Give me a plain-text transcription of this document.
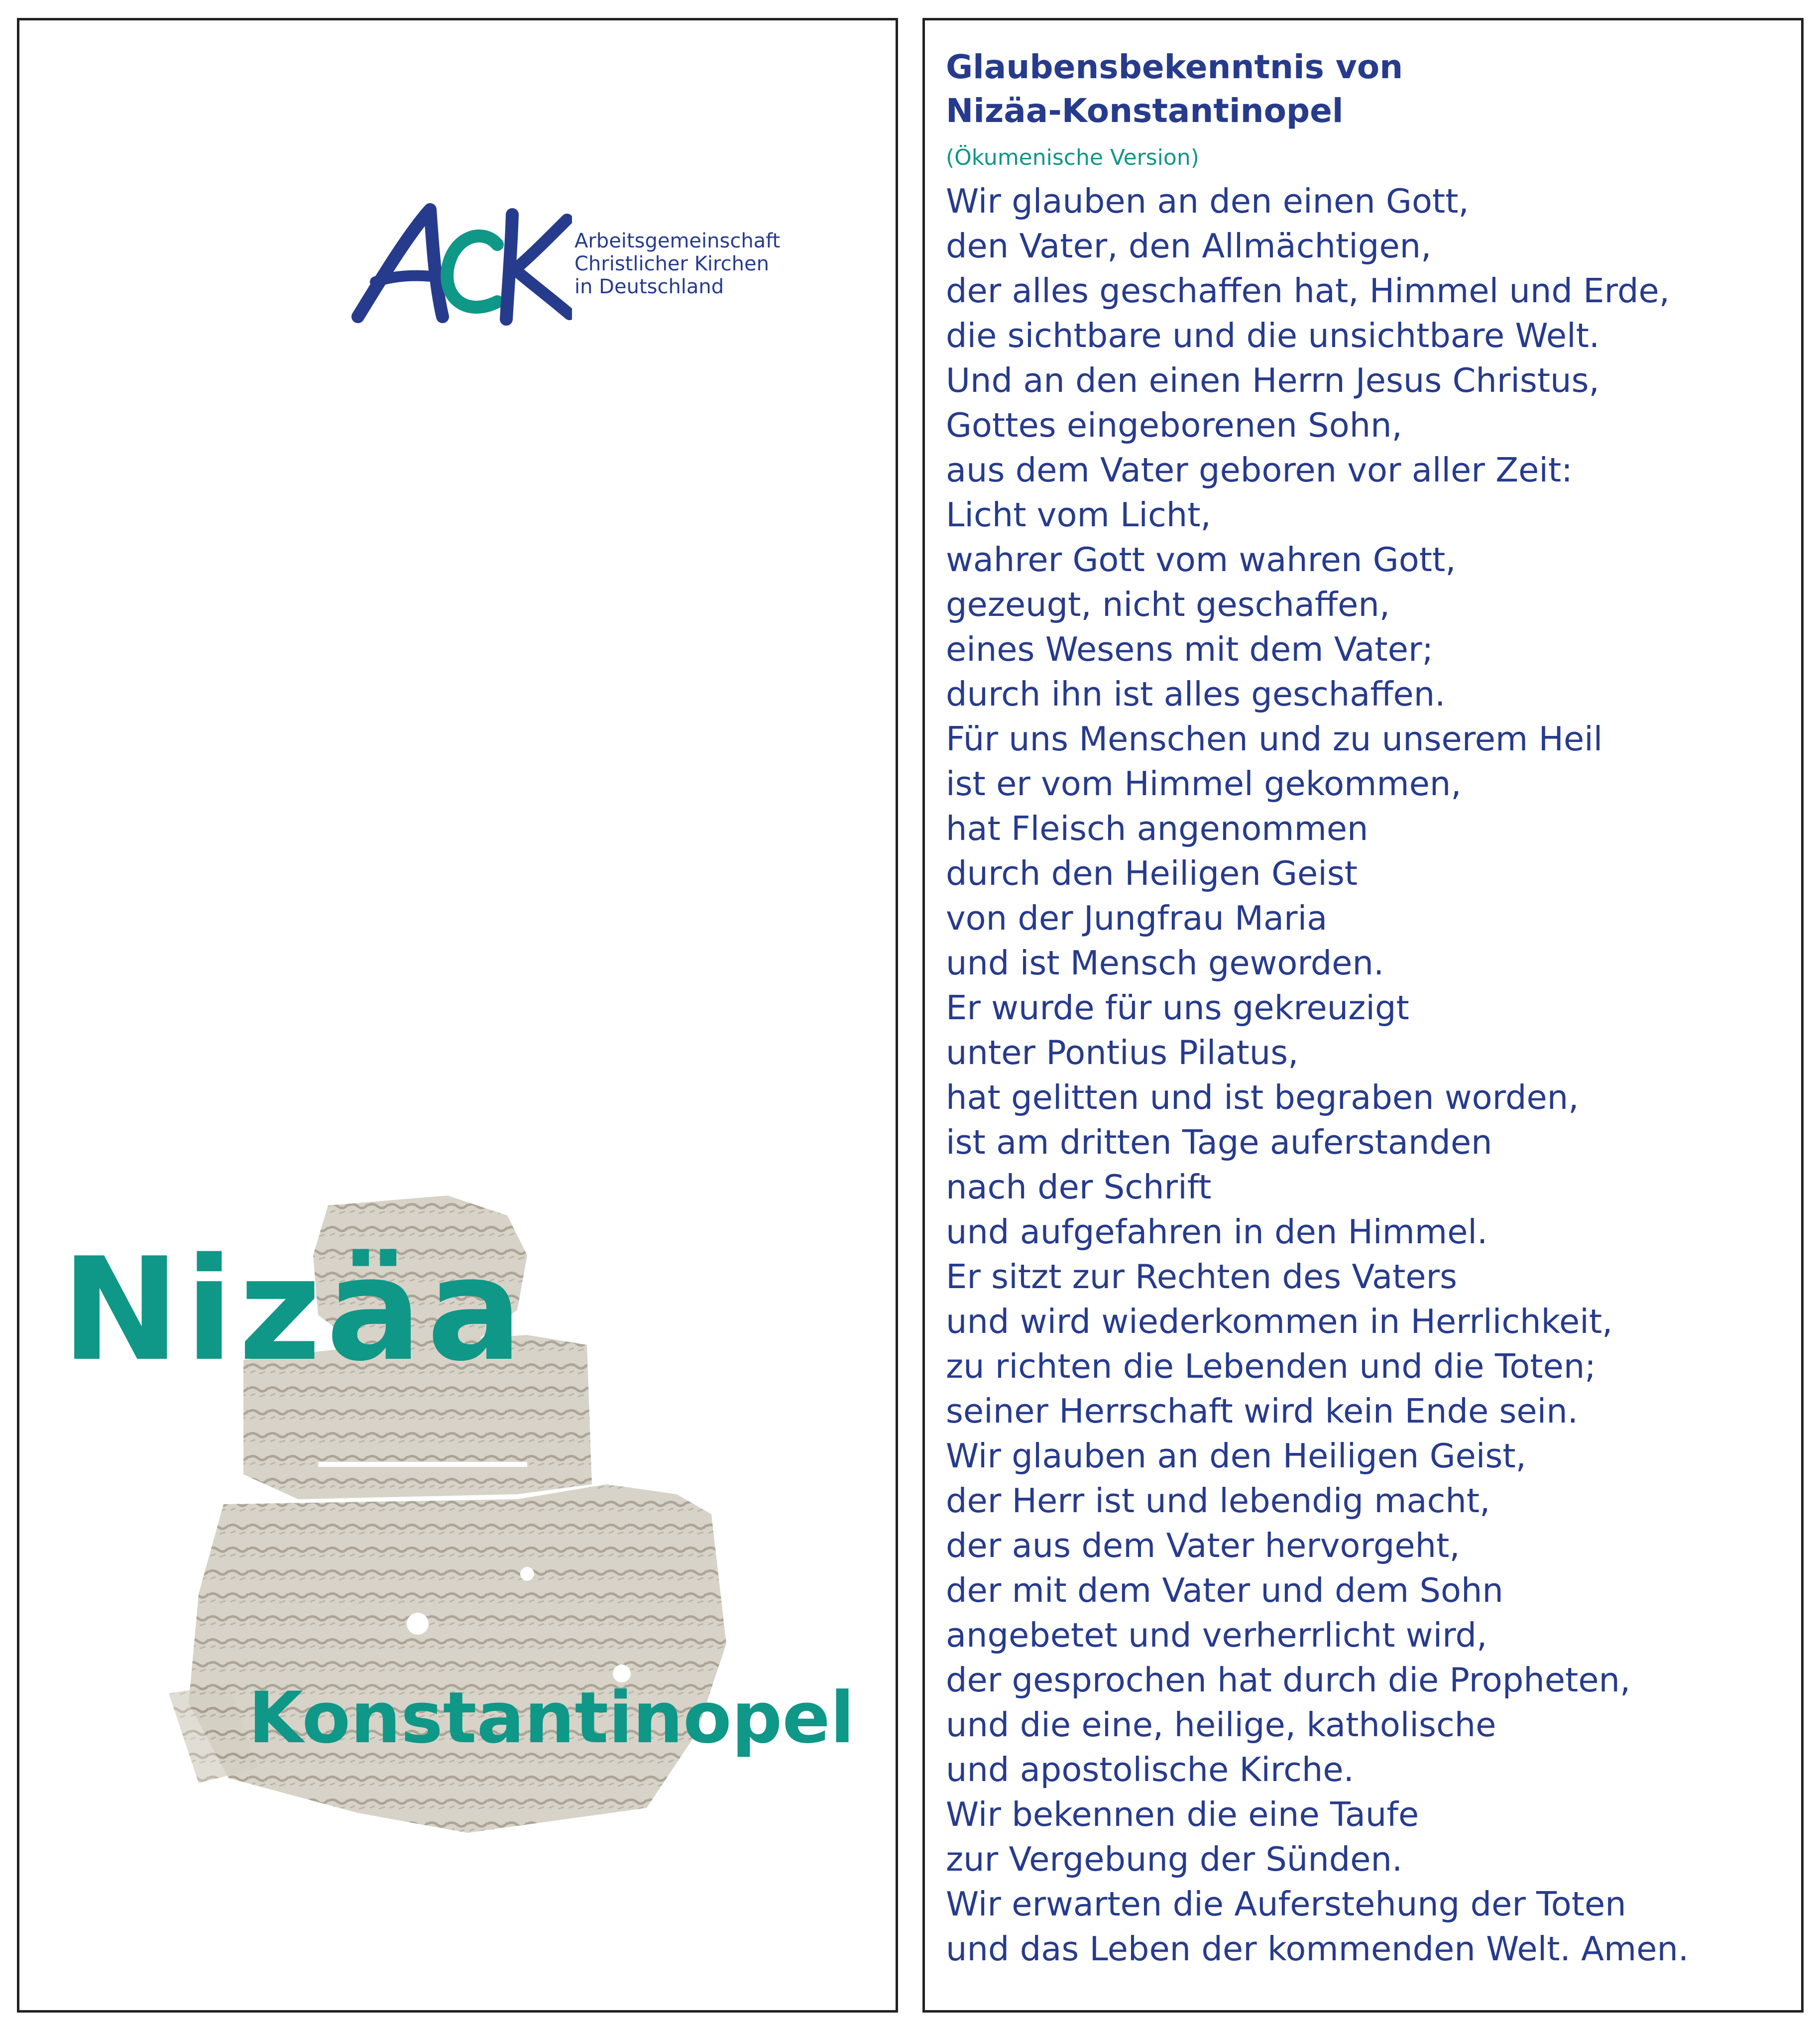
Arbeitsgemeinschaft
Christlicher Kirchen
in Deutschland
Nizäa
Konstantinopel
Glaubensbekenntnis von
Nizäa-Konstantinopel
(Ökumenische Version)
Wir glauben an den einen Gott,
den Vater, den Allmächtigen,
der alles geschaffen hat, Himmel und Erde,
die sichtbare und die unsichtbare Welt.
Und an den einen Herrn Jesus Christus,
Gottes eingeborenen Sohn,
aus dem Vater geboren vor aller Zeit:
Licht vom Licht,
wahrer Gott vom wahren Gott,
gezeugt, nicht geschaffen,
eines Wesens mit dem Vater;
durch ihn ist alles geschaffen.
Für uns Menschen und zu unserem Heil
ist er vom Himmel gekommen,
hat Fleisch angenommen
durch den Heiligen Geist
von der Jungfrau Maria
und ist Mensch geworden.
Er wurde für uns gekreuzigt
unter Pontius Pilatus,
hat gelitten und ist begraben worden,
ist am dritten Tage auferstanden
nach der Schrift
und aufgefahren in den Himmel.
Er sitzt zur Rechten des Vaters
und wird wiederkommen in Herrlichkeit,
zu richten die Lebenden und die Toten;
seiner Herrschaft wird kein Ende sein.
Wir glauben an den Heiligen Geist,
der Herr ist und lebendig macht,
der aus dem Vater hervorgeht,
der mit dem Vater und dem Sohn
angebetet und verherrlicht wird,
der gesprochen hat durch die Propheten,
und die eine, heilige, katholische
und apostolische Kirche.
Wir bekennen die eine Taufe
zur Vergebung der Sünden.
Wir erwarten die Auferstehung der Toten
und das Leben der kommenden Welt. Amen.
